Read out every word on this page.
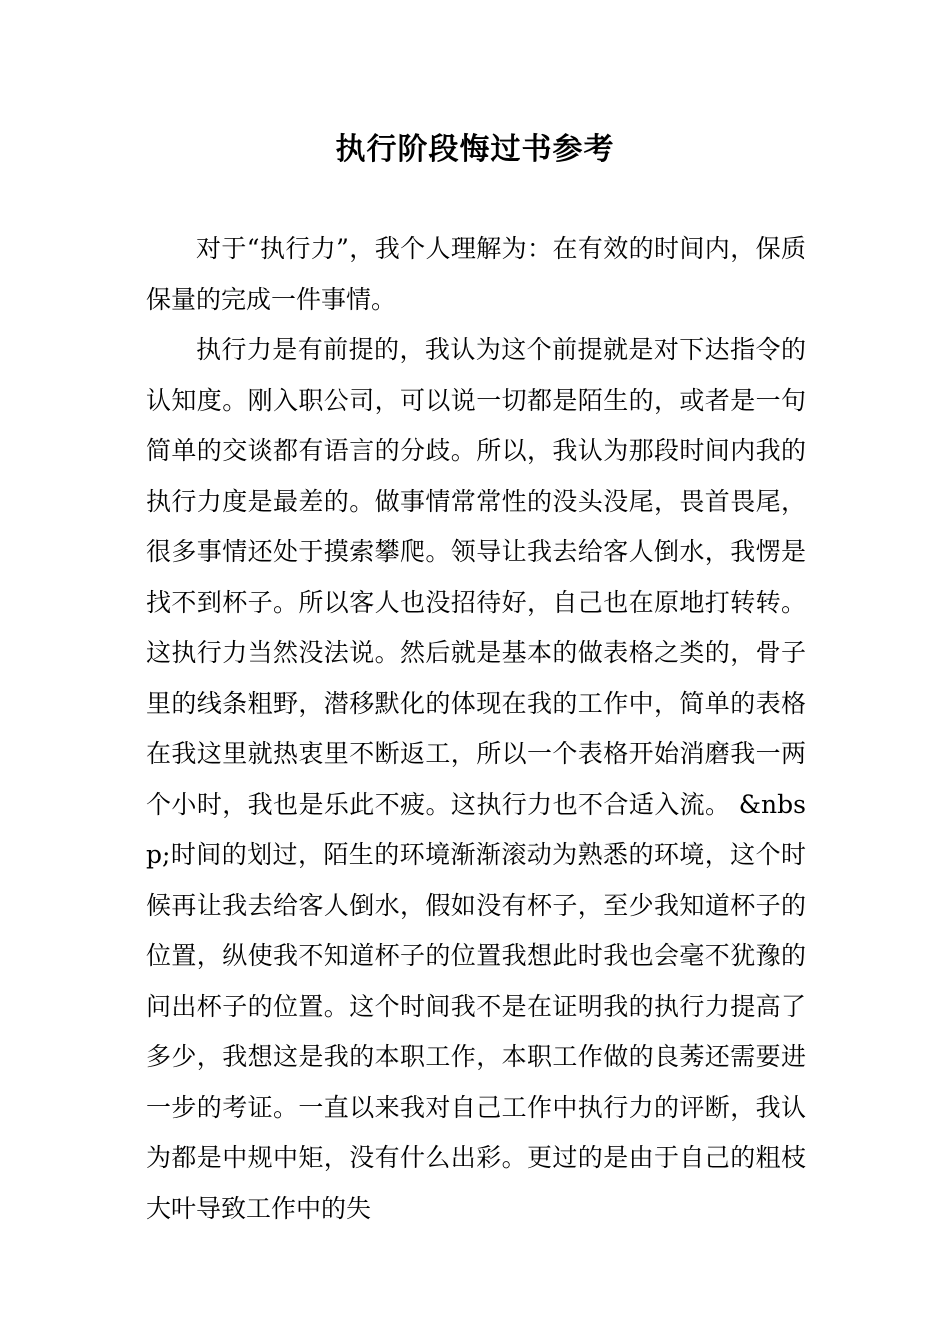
执行阶段悔过书参考

对于“执行力”，我个人理解为：在有效的时间内，保质保量的完成一件事情。

执行力是有前提的，我认为这个前提就是对下达指令的认知度。刚入职公司，可以说一切都是陌生的，或者是一句简单的交谈都有语言的分歧。所以，我认为那段时间内我的执行力度是最差的。做事情常常性的没头没尾，畏首畏尾，很多事情还处于摸索攀爬。领导让我去给客人倒水，我愣是找不到杯子。所以客人也没招待好，自己也在原地打转转。这执行力当然没法说。然后就是基本的做表格之类的，骨子里的线条粗野，潜移默化的体现在我的工作中，简单的表格在我这里就热衷里不断返工，所以一个表格开始消磨我一两个小时，我也是乐此不疲。这执行力也不合适入流。 &nbsp;时间的划过，陌生的环境渐渐滚动为熟悉的环境，这个时候再让我去给客人倒水，假如没有杯子，至少我知道杯子的位置，纵使我不知道杯子的位置我想此时我也会毫不犹豫的问出杯子的位置。这个时间我不是在证明我的执行力提高了多少，我想这是我的本职工作，本职工作做的良莠还需要进一步的考证。一直以来我对自己工作中执行力的评断，我认为都是中规中矩，没有什么出彩。更过的是由于自己的粗枝大叶导致工作中的失
